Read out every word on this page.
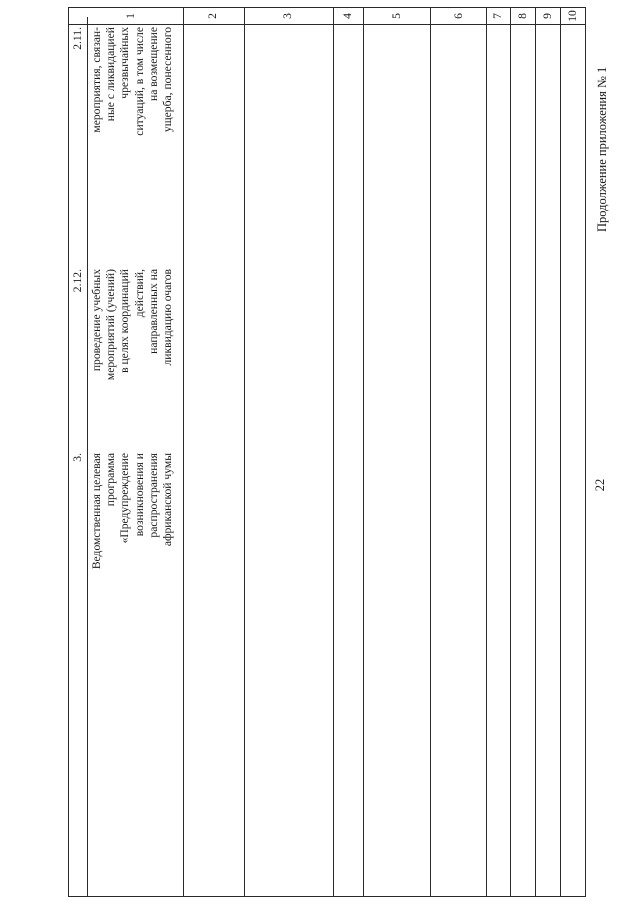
22
Продолжение приложения № 1
1	2	3	4	5	6 7 8 9 10
2.11. мероприятия, связан- ные с ликвидацией чрезвычайных ситуаций, в том числе на возмещение ущерба, понесенного
2.12. проведение учебных мероприятий (учений) в целях координаций действий, направленных на ликвидацию очагов
3. Ведомственная целевая программа «Предупреждение возникновения и распространения африканской чумы
